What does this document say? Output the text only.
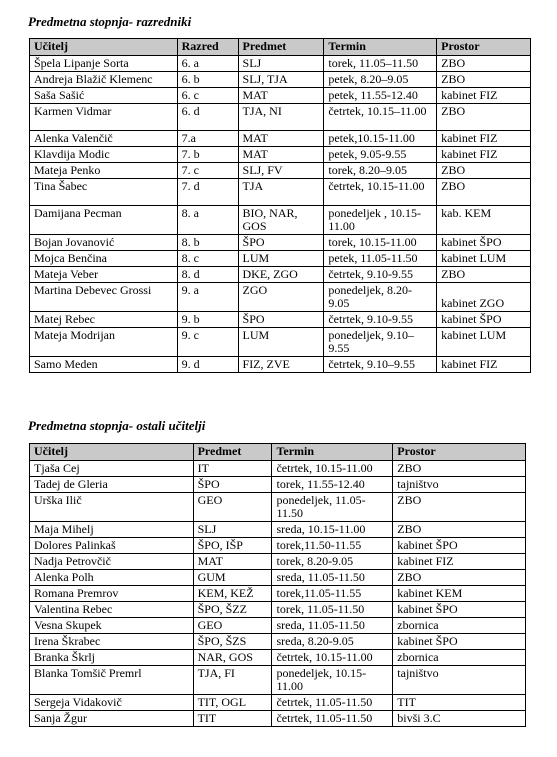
Predmetna stopnja- razredniki

Učitelj	Razred	Predmet	Termin	Prostor
Špela Lipanje Sorta	6. a	SLJ	torek, 11.05–11.50	ZBO
Andreja Blažič Klemenc	6. b	SLJ, TJA	petek, 8.20–9.05	ZBO
Saša Sašić	6. c	MAT	petek, 11.55-12.40	kabinet FIZ
Karmen Vidmar	6. d	TJA, NI	četrtek, 10.15–11.00	ZBO
Alenka Valenčič	7.a	MAT	petek,10.15-11.00	kabinet FIZ
Klavdija Modic	7. b	MAT	petek, 9.05-9.55	kabinet FIZ
Mateja Penko	7. c	SLJ, FV	torek, 8.20–9.05	ZBO
Tina Šabec	7. d	TJA	četrtek, 10.15-11.00	ZBO
Damijana Pecman	8. a	BIO, NAR, GOS	ponedeljek , 10.15-11.00	kab. KEM
Bojan Jovanović	8. b	ŠPO	torek, 10.15-11.00	kabinet ŠPO
Mojca Benčina	8. c	LUM	petek, 11.05-11.50	kabinet LUM
Mateja Veber	8. d	DKE, ZGO	četrtek, 9.10-9.55	ZBO
Martina Debevec Grossi	9. a	ZGO	ponedeljek, 8.20-9.05	kabinet ZGO
Matej Rebec	9. b	ŠPO	četrtek, 9.10-9.55	kabinet ŠPO
Mateja Modrijan	9. c	LUM	ponedeljek, 9.10–9.55	kabinet LUM
Samo Meden	9. d	FIZ, ZVE	četrtek, 9.10–9.55	kabinet FIZ

Predmetna stopnja- ostali učitelji

Učitelj	Predmet	Termin	Prostor
Tjaša Cej	IT	četrtek, 10.15-11.00	ZBO
Tadej de Gleria	ŠPO	torek, 11.55-12.40	tajništvo
Urška Ilič	GEO	ponedeljek, 11.05-11.50	ZBO
Maja Mihelj	SLJ	sreda, 10.15-11.00	ZBO
Dolores Palinkaš	ŠPO, IŠP	torek,11.50-11.55	kabinet ŠPO
Nadja Petrovčič	MAT	torek, 8.20-9.05	kabinet FIZ
Alenka Polh	GUM	sreda, 11.05-11.50	ZBO
Romana Premrov	KEM, KEŽ	torek,11.05-11.55	kabinet KEM
Valentina Rebec	ŠPO, ŠZZ	torek, 11.05-11.50	kabinet ŠPO
Vesna Skupek	GEO	sreda, 11.05-11.50	zbornica
Irena Škrabec	ŠPO, ŠZS	sreda, 8.20-9.05	kabinet ŠPO
Branka Škrlj	NAR, GOS	četrtek, 10.15-11.00	zbornica
Blanka Tomšič Premrl	TJA, FI	ponedeljek, 10.15-11.00	tajništvo
Sergeja Vidakovič	TIT, OGL	četrtek, 11.05-11.50	TIT
Sanja Žgur	TIT	četrtek, 11.05-11.50	bivši 3.C
